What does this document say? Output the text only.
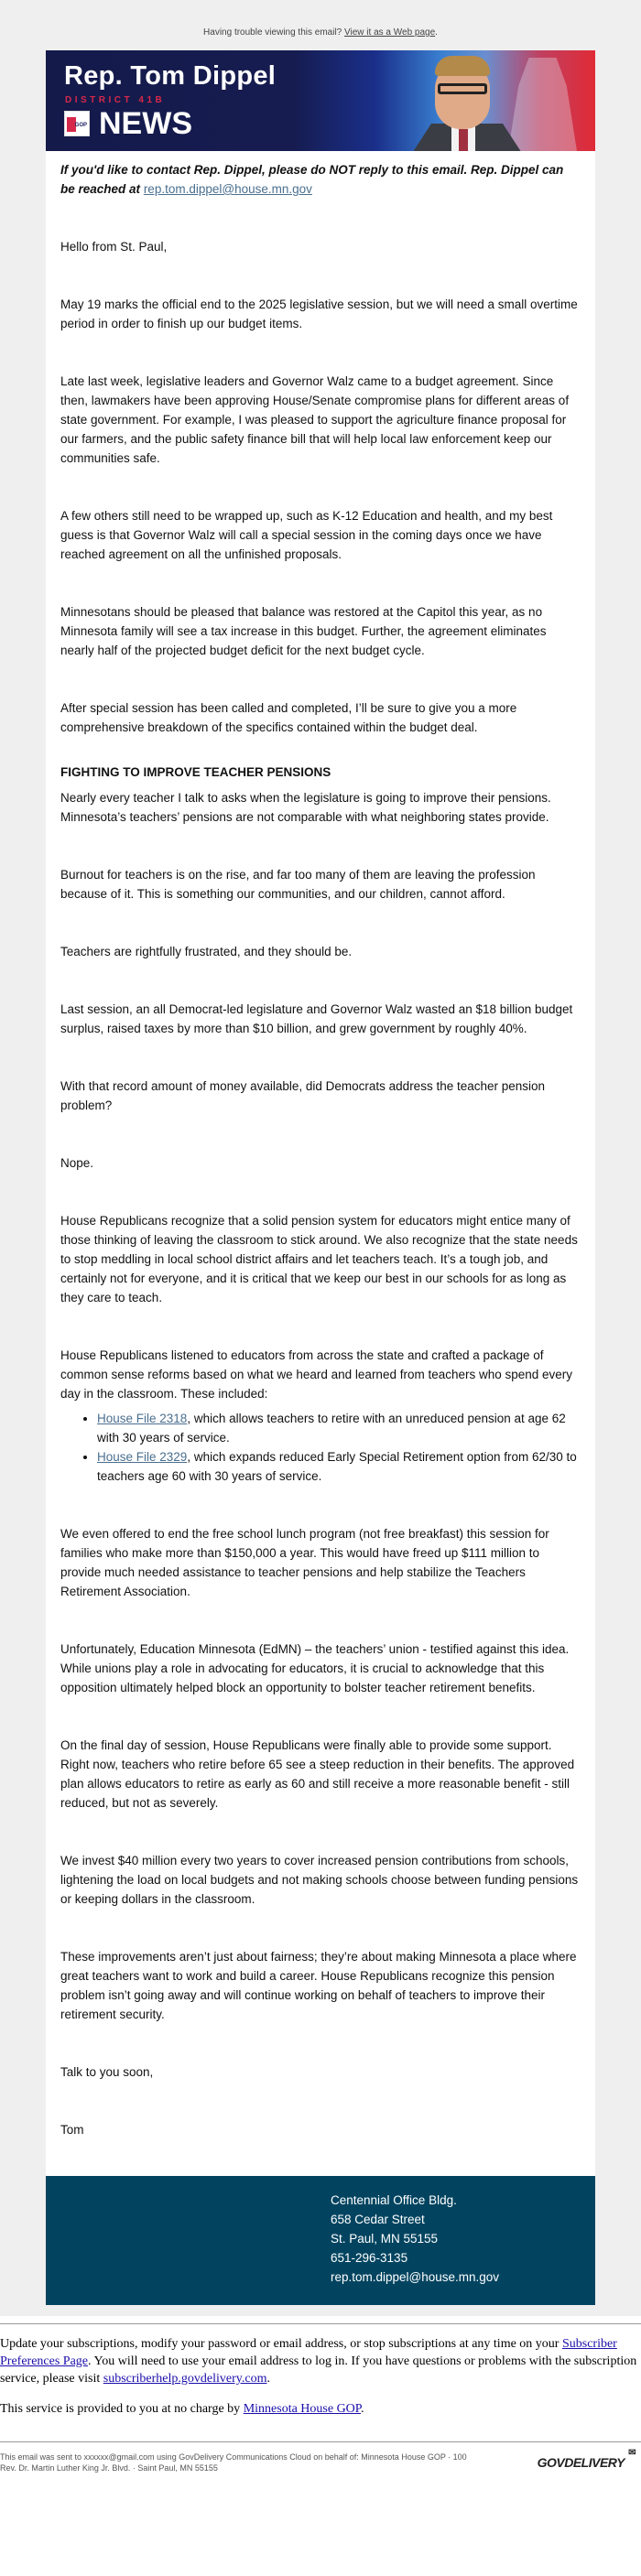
Having trouble viewing this email? View it as a Web page.
Rep. Tom Dippel
DISTRICT 41B
GOP NEWS

If you'd like to contact Rep. Dippel, please do NOT reply to this email. Rep. Dippel can be reached at rep.tom.dippel@house.mn.gov

Hello from St. Paul,

May 19 marks the official end to the 2025 legislative session, but we will need a small overtime period in order to finish up our budget items.

Late last week, legislative leaders and Governor Walz came to a budget agreement. Since then, lawmakers have been approving House/Senate compromise plans for different areas of state government. For example, I was pleased to support the agriculture finance proposal for our farmers, and the public safety finance bill that will help local law enforcement keep our communities safe.

A few others still need to be wrapped up, such as K-12 Education and health, and my best guess is that Governor Walz will call a special session in the coming days once we have reached agreement on all the unfinished proposals.

Minnesotans should be pleased that balance was restored at the Capitol this year, as no Minnesota family will see a tax increase in this budget. Further, the agreement eliminates nearly half of the projected budget deficit for the next budget cycle.

After special session has been called and completed, I’ll be sure to give you a more comprehensive breakdown of the specifics contained within the budget deal.

FIGHTING TO IMPROVE TEACHER PENSIONS

Nearly every teacher I talk to asks when the legislature is going to improve their pensions. Minnesota’s teachers’ pensions are not comparable with what neighboring states provide.

Burnout for teachers is on the rise, and far too many of them are leaving the profession because of it. This is something our communities, and our children, cannot afford.

Teachers are rightfully frustrated, and they should be.

Last session, an all Democrat-led legislature and Governor Walz wasted an $18 billion budget surplus, raised taxes by more than $10 billion, and grew government by roughly 40%.

With that record amount of money available, did Democrats address the teacher pension problem?

Nope.

House Republicans recognize that a solid pension system for educators might entice many of those thinking of leaving the classroom to stick around. We also recognize that the state needs to stop meddling in local school district affairs and let teachers teach. It’s a tough job, and certainly not for everyone, and it is critical that we keep our best in our schools for as long as they care to teach.

House Republicans listened to educators from across the state and crafted a package of common sense reforms based on what we heard and learned from teachers who spend every day in the classroom. These included:

• House File 2318, which allows teachers to retire with an unreduced pension at age 62 with 30 years of service.
• House File 2329, which expands reduced Early Special Retirement option from 62/30 to teachers age 60 with 30 years of service.

We even offered to end the free school lunch program (not free breakfast) this session for families who make more than $150,000 a year. This would have freed up $111 million to provide much needed assistance to teacher pensions and help stabilize the Teachers Retirement Association.

Unfortunately, Education Minnesota (EdMN) – the teachers’ union - testified against this idea. While unions play a role in advocating for educators, it is crucial to acknowledge that this opposition ultimately helped block an opportunity to bolster teacher retirement benefits.

On the final day of session, House Republicans were finally able to provide some support. Right now, teachers who retire before 65 see a steep reduction in their benefits. The approved plan allows educators to retire as early as 60 and still receive a more reasonable benefit - still reduced, but not as severely.

We invest $40 million every two years to cover increased pension contributions from schools, lightening the load on local budgets and not making schools choose between funding pensions or keeping dollars in the classroom.

These improvements aren’t just about fairness; they’re about making Minnesota a place where great teachers want to work and build a career. House Republicans recognize this pension problem isn’t going away and will continue working on behalf of teachers to improve their retirement security.

Talk to you soon,

Tom

Centennial Office Bldg.
658 Cedar Street
St. Paul, MN 55155
651-296-3135
rep.tom.dippel@house.mn.gov

Update your subscriptions, modify your password or email address, or stop subscriptions at any time on your Subscriber Preferences Page. You will need to use your email address to log in. If you have questions or problems with the subscription service, please visit subscriberhelp.govdelivery.com.

This service is provided to you at no charge by Minnesota House GOP.

This email was sent to xxxxxx@gmail.com using GovDelivery Communications Cloud on behalf of: Minnesota House GOP · 100 Rev. Dr. Martin Luther King Jr. Blvd. · Saint Paul, MN 55155	GOVDELIVERY
✉
